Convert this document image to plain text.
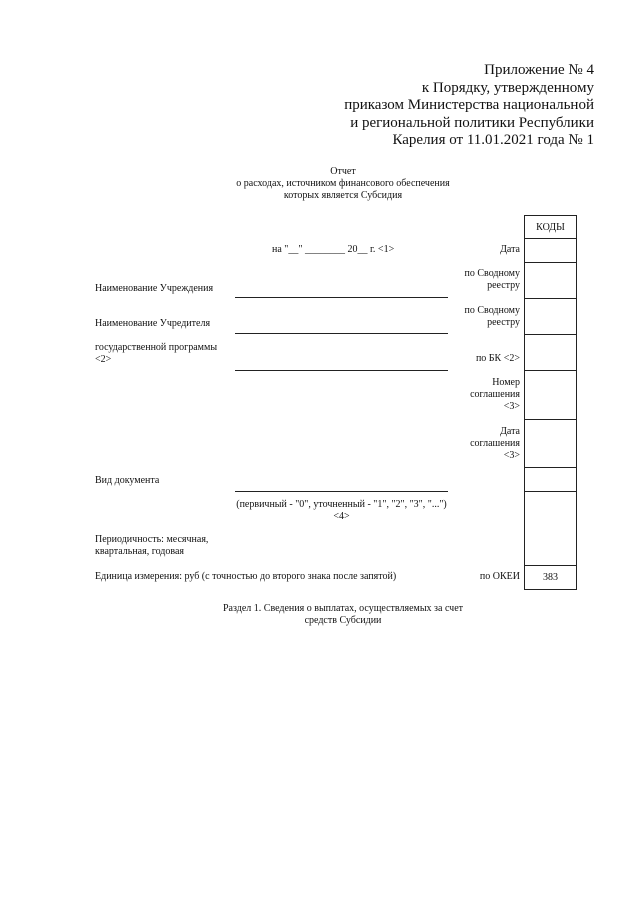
Приложение № 4
к Порядку, утвержденному
приказом Министерства национальной
и региональной политики Республики
Карелия от 11.01.2021 года № 1
Отчет
о расходах, источником финансового обеспечения
которых является Субсидия
на "__" ________ 20__ г. <1>
Наименование Учреждения
Наименование Учредителя
государственной программы <2>
Вид документа
(первичный - "0", уточненный - "1", "2", "3", "...") <4>
Периодичность: месячная, квартальная, годовая
Единица измерения: руб (с точностью до второго знака после запятой)
Дата
по Сводному реестру
по Сводному реестру
по БК <2>
Номер соглашения <3>
Дата соглашения <3>
по ОКЕИ
КОДЫ
383
Раздел 1. Сведения о выплатах, осуществляемых за счет
средств Субсидии
